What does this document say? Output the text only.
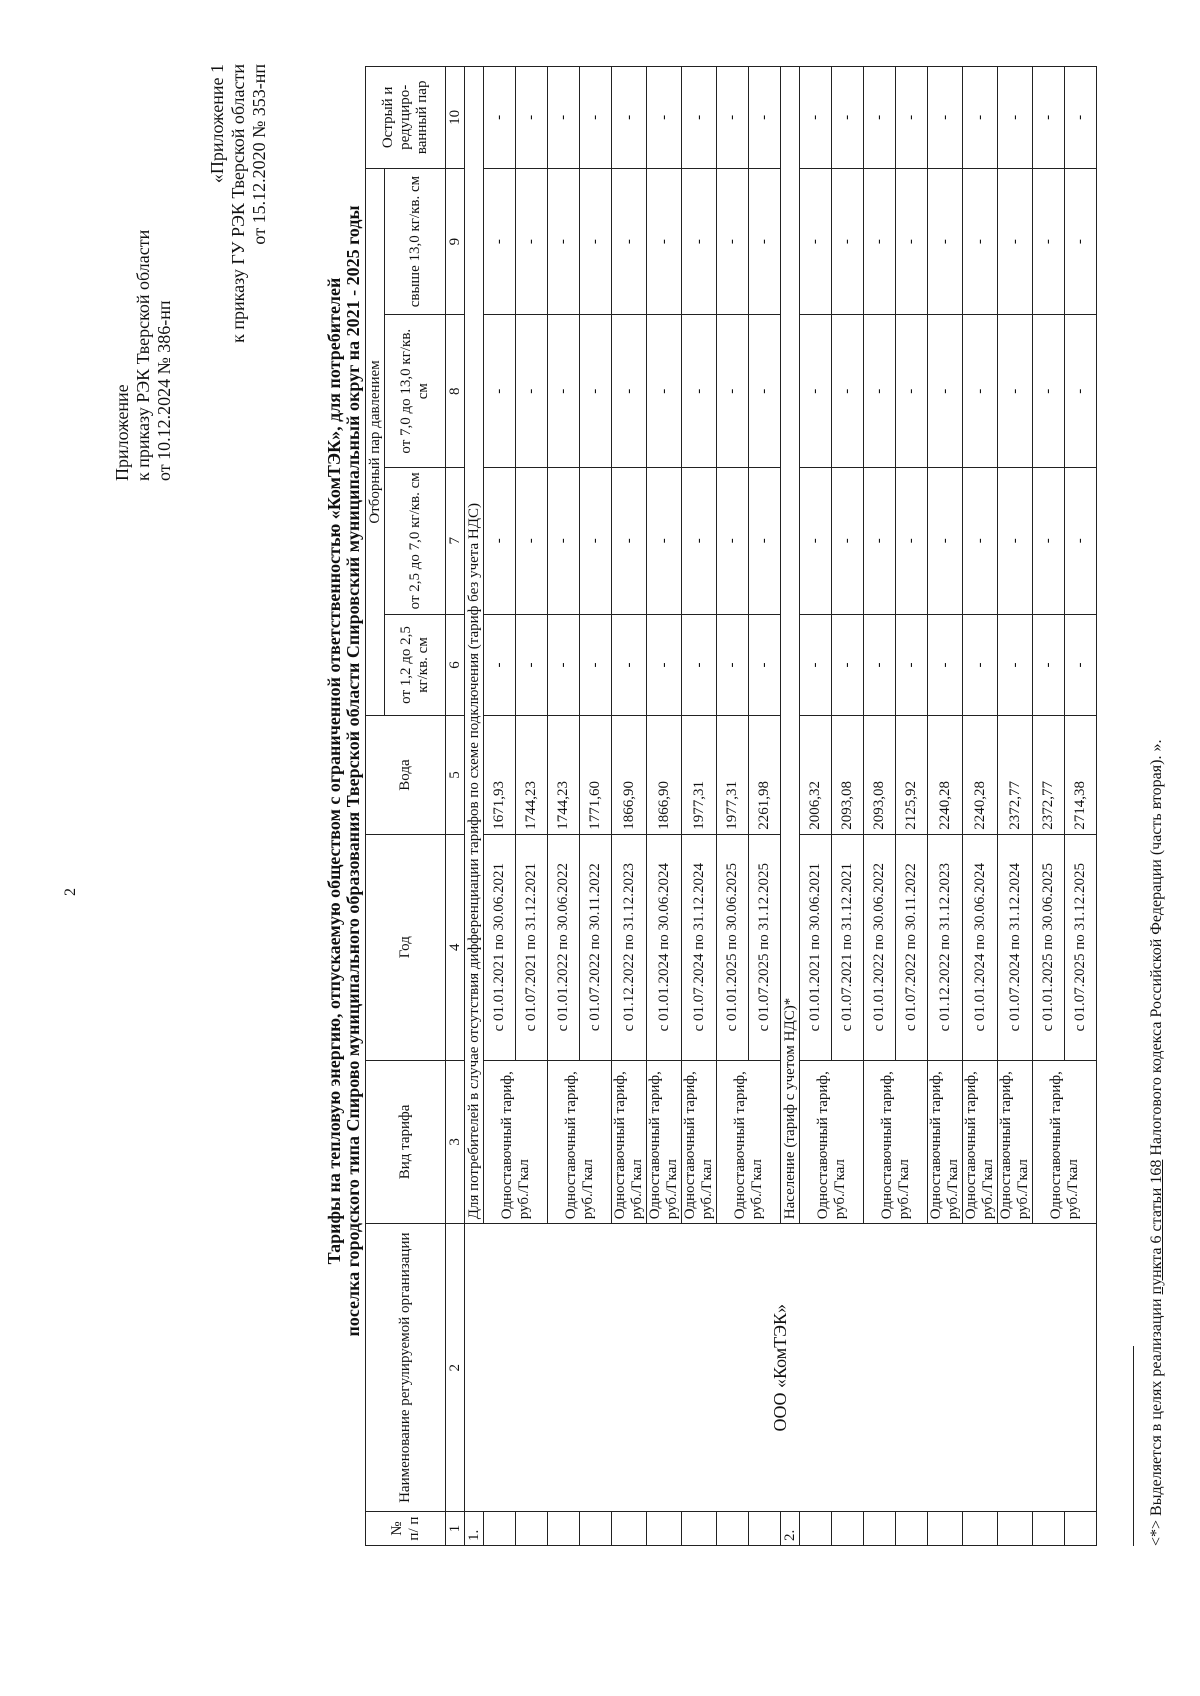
2
Приложение к приказу РЭК Тверской области от 10.12.2024 № 386-нп
«Приложение 1 к приказу ГУ РЭК Тверской области от 15.12.2020 № 353-нп
Тарифы на тепловую энергию, отпускаемую обществом с ограниченной ответственностью «КомТЭК», для потребителей поселка городского типа Спирово муниципального образования Тверской области Спировский муниципальный округ на 2021 - 2025 годы
№ п/ п	Наименование регулируемой организации	Вид тарифа	Год	Вода	Отборный пар давлением				Острый и редуциро-ванный пар
					от 1,2 до 2,5 кг/кв. см	от 2,5 до 7,0 кг/кв. см	от 7,0 до 13,0 кг/кв. см	свыше 13,0 кг/кв. см	
1	2	3	4	5	6	7	8	9	10
1.	ООО «КомТЭК»	Для потребителей в случае отсутствия дифференциации тарифов по схеме подключения (тариф без учета НДС)							
		Одноставочный тариф, руб./Гкал	с 01.01.2021 по 30.06.2021	1671,93	-	-	-	-	-
			с 01.07.2021 по 31.12.2021	1744,23	-	-	-	-	-
		Одноставочный тариф, руб./Гкал	с 01.01.2022 по 30.06.2022	1744,23	-	-	-	-	-
			с 01.07.2022 по 30.11.2022	1771,60	-	-	-	-	-
		Одноставочный тариф, руб./Гкал	с 01.12.2022 по 31.12.2023	1866,90	-	-	-	-	-
		Одноставочный тариф, руб./Гкал	с 01.01.2024 по 30.06.2024	1866,90	-	-	-	-	-
		Одноставочный тариф, руб./Гкал	с 01.07.2024 по 31.12.2024	1977,31	-	-	-	-	-
		Одноставочный тариф, руб./Гкал	с 01.01.2025 по 30.06.2025	1977,31	-	-	-	-	-
			с 01.07.2025 по 31.12.2025	2261,98	-	-	-	-	-
2.		Население (тариф с учетом НДС)*							
		Одноставочный тариф, руб./Гкал	с 01.01.2021 по 30.06.2021	2006,32	-	-	-	-	-
			с 01.07.2021 по 31.12.2021	2093,08	-	-	-	-	-
		Одноставочный тариф, руб./Гкал	с 01.01.2022 по 30.06.2022	2093,08	-	-	-	-	-
			с 01.07.2022 по 30.11.2022	2125,92	-	-	-	-	-
		Одноставочный тариф, руб./Гкал	с 01.12.2022 по 31.12.2023	2240,28	-	-	-	-	-
		Одноставочный тариф, руб./Гкал	с 01.01.2024 по 30.06.2024	2240,28	-	-	-	-	-
		Одноставочный тариф, руб./Гкал	с 01.07.2024 по 31.12.2024	2372,77	-	-	-	-	-
		Одноставочный тариф, руб./Гкал	с 01.01.2025 по 30.06.2025	2372,77	-	-	-	-	-
			с 01.07.2025 по 31.12.2025	2714,38	-	-	-	-	-
<*> Выделяется в целях реализации пункта 6 статьи 168 Налогового кодекса Российской Федерации (часть вторая). ».
